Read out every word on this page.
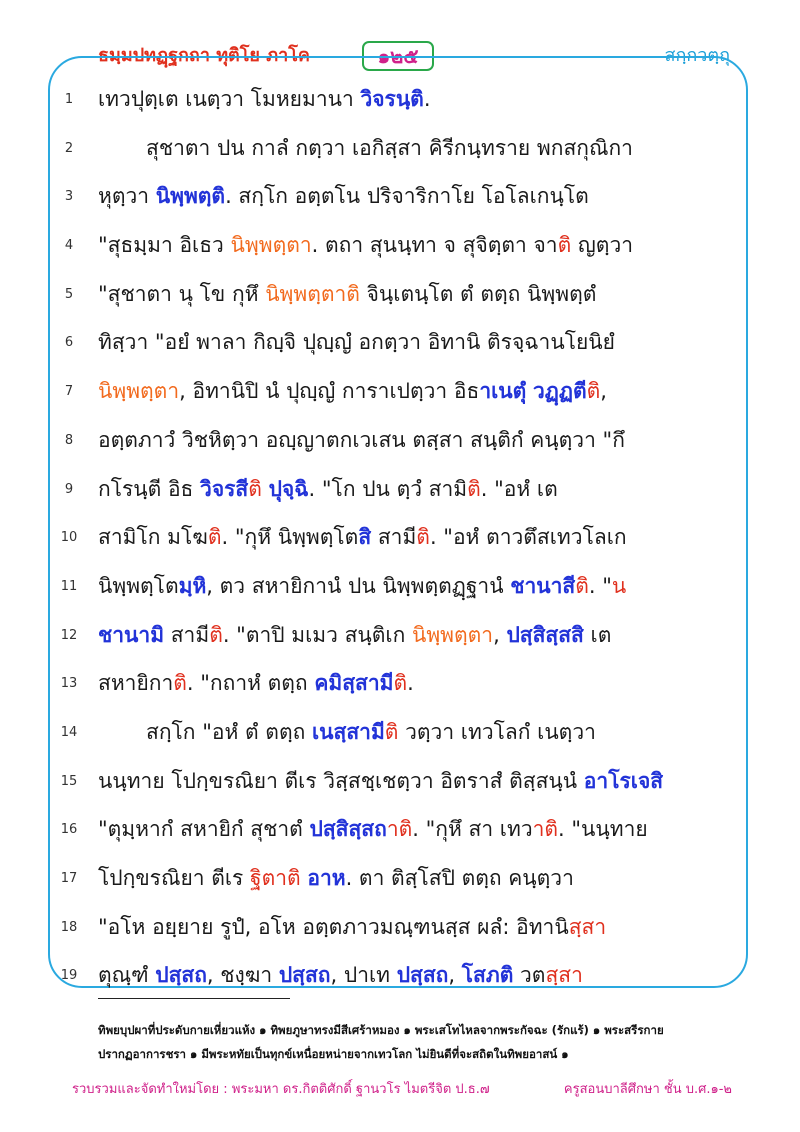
ธมฺมปทฏฺฐกถา ทุติโย ภาโค	๑๒๕	สกฺกวตฺถุ
1	เทวปุตฺเต เนตฺวา โมหยมานา วิจรนฺติ.
2	สุชาตา ปน กาลํ กตฺวา เอกิสฺสา คิรีกนฺทราย พกสกุณิกา
3	หุตฺวา นิพฺพตฺติ. สกฺโก อตฺตโน ปริจาริกาโย โอโลเกนฺโต
4	"สุธมฺมา อิเธว นิพฺพตฺตา. ตถา สุนนฺทา จ สุจิตฺตา จาติ ญตฺวา
5	"สุชาตา นุ โข กุหึ นิพฺพตฺตาติ จินฺเตนฺโต ตํ ตตฺถ นิพฺพตฺตํ
6	ทิสฺวา "อยํ พาลา กิญฺจิ ปุญฺญํ อกตฺวา อิทานิ ติรจฺฉานโยนิยํ
7	นิพฺพตฺตา, อิทานิปิ นํ ปุญฺญํ การาเปตฺวา อิธาเนตุํ วฏฺฏตีติ,
8	อตฺตภาวํ วิชหิตฺวา อญฺญาตกเวเสน ตสฺสา สนฺติกํ คนฺตฺวา "กึ
9	กโรนฺตี อิธ วิจรสีติ ปุจฺฉิ. "โก ปน ตฺวํ สามิติ. "อหํ เต
10 สามิโก มโฆติ. "กุหึ นิพฺพตฺโตสิ สามีติ. "อหํ ตาวตึสเทวโลเก
11 นิพฺพตฺโตมฺหิ, ตว สหายิกานํ ปน นิพฺพตฺตฏฺฐานํ ชานาสีติ. "น
12 ชานามิ สามีติ. "ตาปิ มเมว สนฺติเก นิพฺพตฺตา, ปสฺสิสฺสสิ เต
13 สหายิกาติ. "กถาหํ ตตฺถ คมิสฺสามีติ.
14	สกฺโก "อหํ ตํ ตตฺถ เนสฺสามีติ วตฺวา เทวโลกํ เนตฺวา
15 นนฺทาย โปกฺขรณิยา ตีเร วิสฺสชฺเชตฺวา อิตราสํ ติสฺสนฺนํ อาโรเจสิ
16 "ตุมฺหากํ สหายิกํ สุชาตํ ปสฺสิสฺสถาติ. "กุหึ สา เทวาติ. "นนฺทาย
17 โปกฺขรณิยา ตีเร ฐิตาติ อาห. ตา ติสฺโสปิ ตตฺถ คนฺตฺวา
18 "อโห อยฺยาย รูปํ, อโห อตฺตภาวมณฺฑนสฺส ผลํ: อิทานิสฺสา
19 ตุณฺฑํ ปสฺสถ, ชงฺฆา ปสฺสถ, ปาเท ปสฺสถ, โสภติ วตสฺสา
ทิพยบุปผาที่ประดับกายเหี่ยวแห้ง ๑ ทิพยภูษาทรงมีสีเศร้าหมอง ๑ พระเสโทไหลจากพระกัจฉะ (รักแร้) ๑ พระสรีรกาย
ปรากฏอาการชรา ๑ มีพระหทัยเป็นทุกข์เหนื่อยหน่ายจากเทวโลก ไม่ยินดีที่จะสถิตในทิพยอาสน์ ๑
รวบรวมและจัดทำใหม่โดย : พระมหา ดร.กิตติศักดิ์ ฐานวโร ไมตรีจิต ป.ธ.๗	ครูสอนบาลีศึกษา ชั้น บ.ศ.๑-๒
